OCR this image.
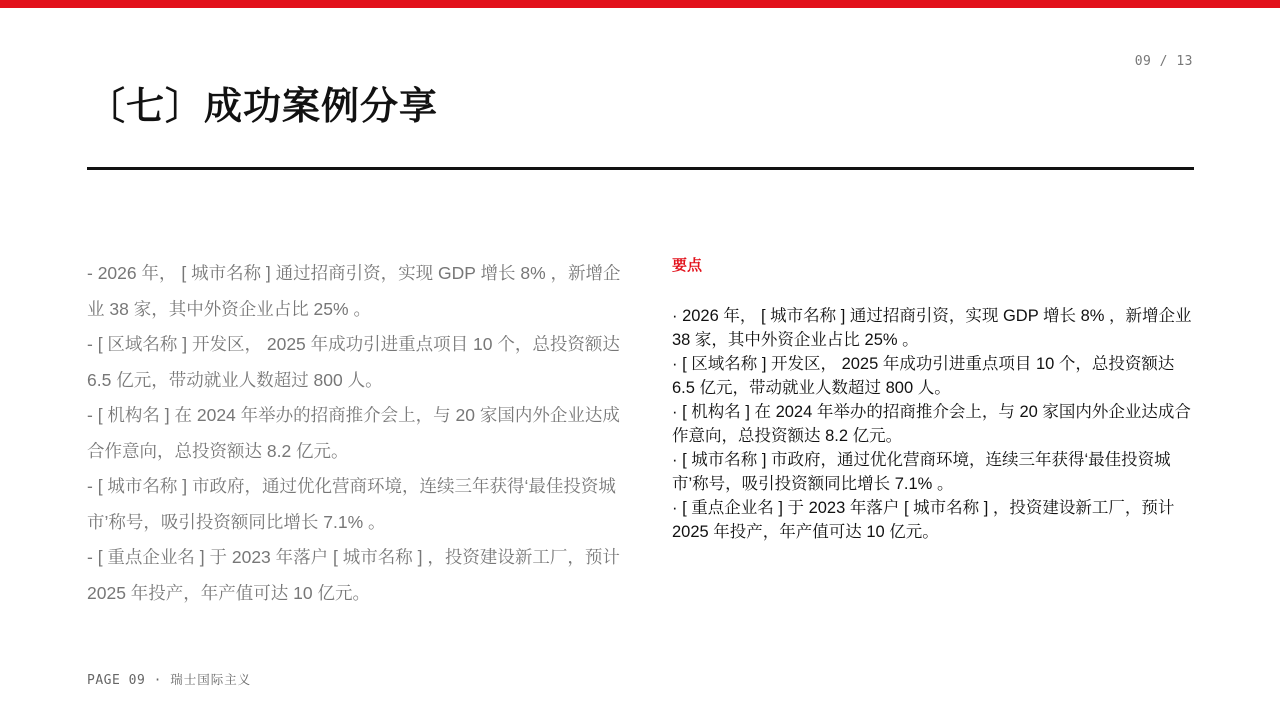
09 / 13
〔七〕成功案例分享
- 2026 年， [ 城市名称 ] 通过招商引资，实现 GDP 增长 8% ，新增企业 38 家，其中外资企业占比 25% 。
- [ 区域名称 ] 开发区， 2025 年成功引进重点项目 10 个，总投资额达 6.5 亿元，带动就业人数超过 800 人。
- [ 机构名 ] 在 2024 年举办的招商推介会上，与 20 家国内外企业达成合作意向，总投资额达 8.2 亿元。
- [ 城市名称 ] 市政府，通过优化营商环境，连续三年获得‘最佳投资城市’称号，吸引投资额同比增长 7.1% 。
- [ 重点企业名 ] 于 2023 年落户 [ 城市名称 ] ，投资建设新工厂，预计 2025 年投产，年产值可达 10 亿元。
要点
· 2026 年， [ 城市名称 ] 通过招商引资，实现 GDP 增长 8% ，新增企业 38 家，其中外资企业占比 25% 。
· [ 区域名称 ] 开发区， 2025 年成功引进重点项目 10 个，总投资额达 6.5 亿元，带动就业人数超过 800 人。
· [ 机构名 ] 在 2024 年举办的招商推介会上，与 20 家国内外企业达成合作意向，总投资额达 8.2 亿元。
· [ 城市名称 ] 市政府，通过优化营商环境，连续三年获得‘最佳投资城市’称号，吸引投资额同比增长 7.1% 。
· [ 重点企业名 ] 于 2023 年落户 [ 城市名称 ] ，投资建设新工厂，预计 2025 年投产，年产值可达 10 亿元。
PAGE 09 · 瑞士国际主义
